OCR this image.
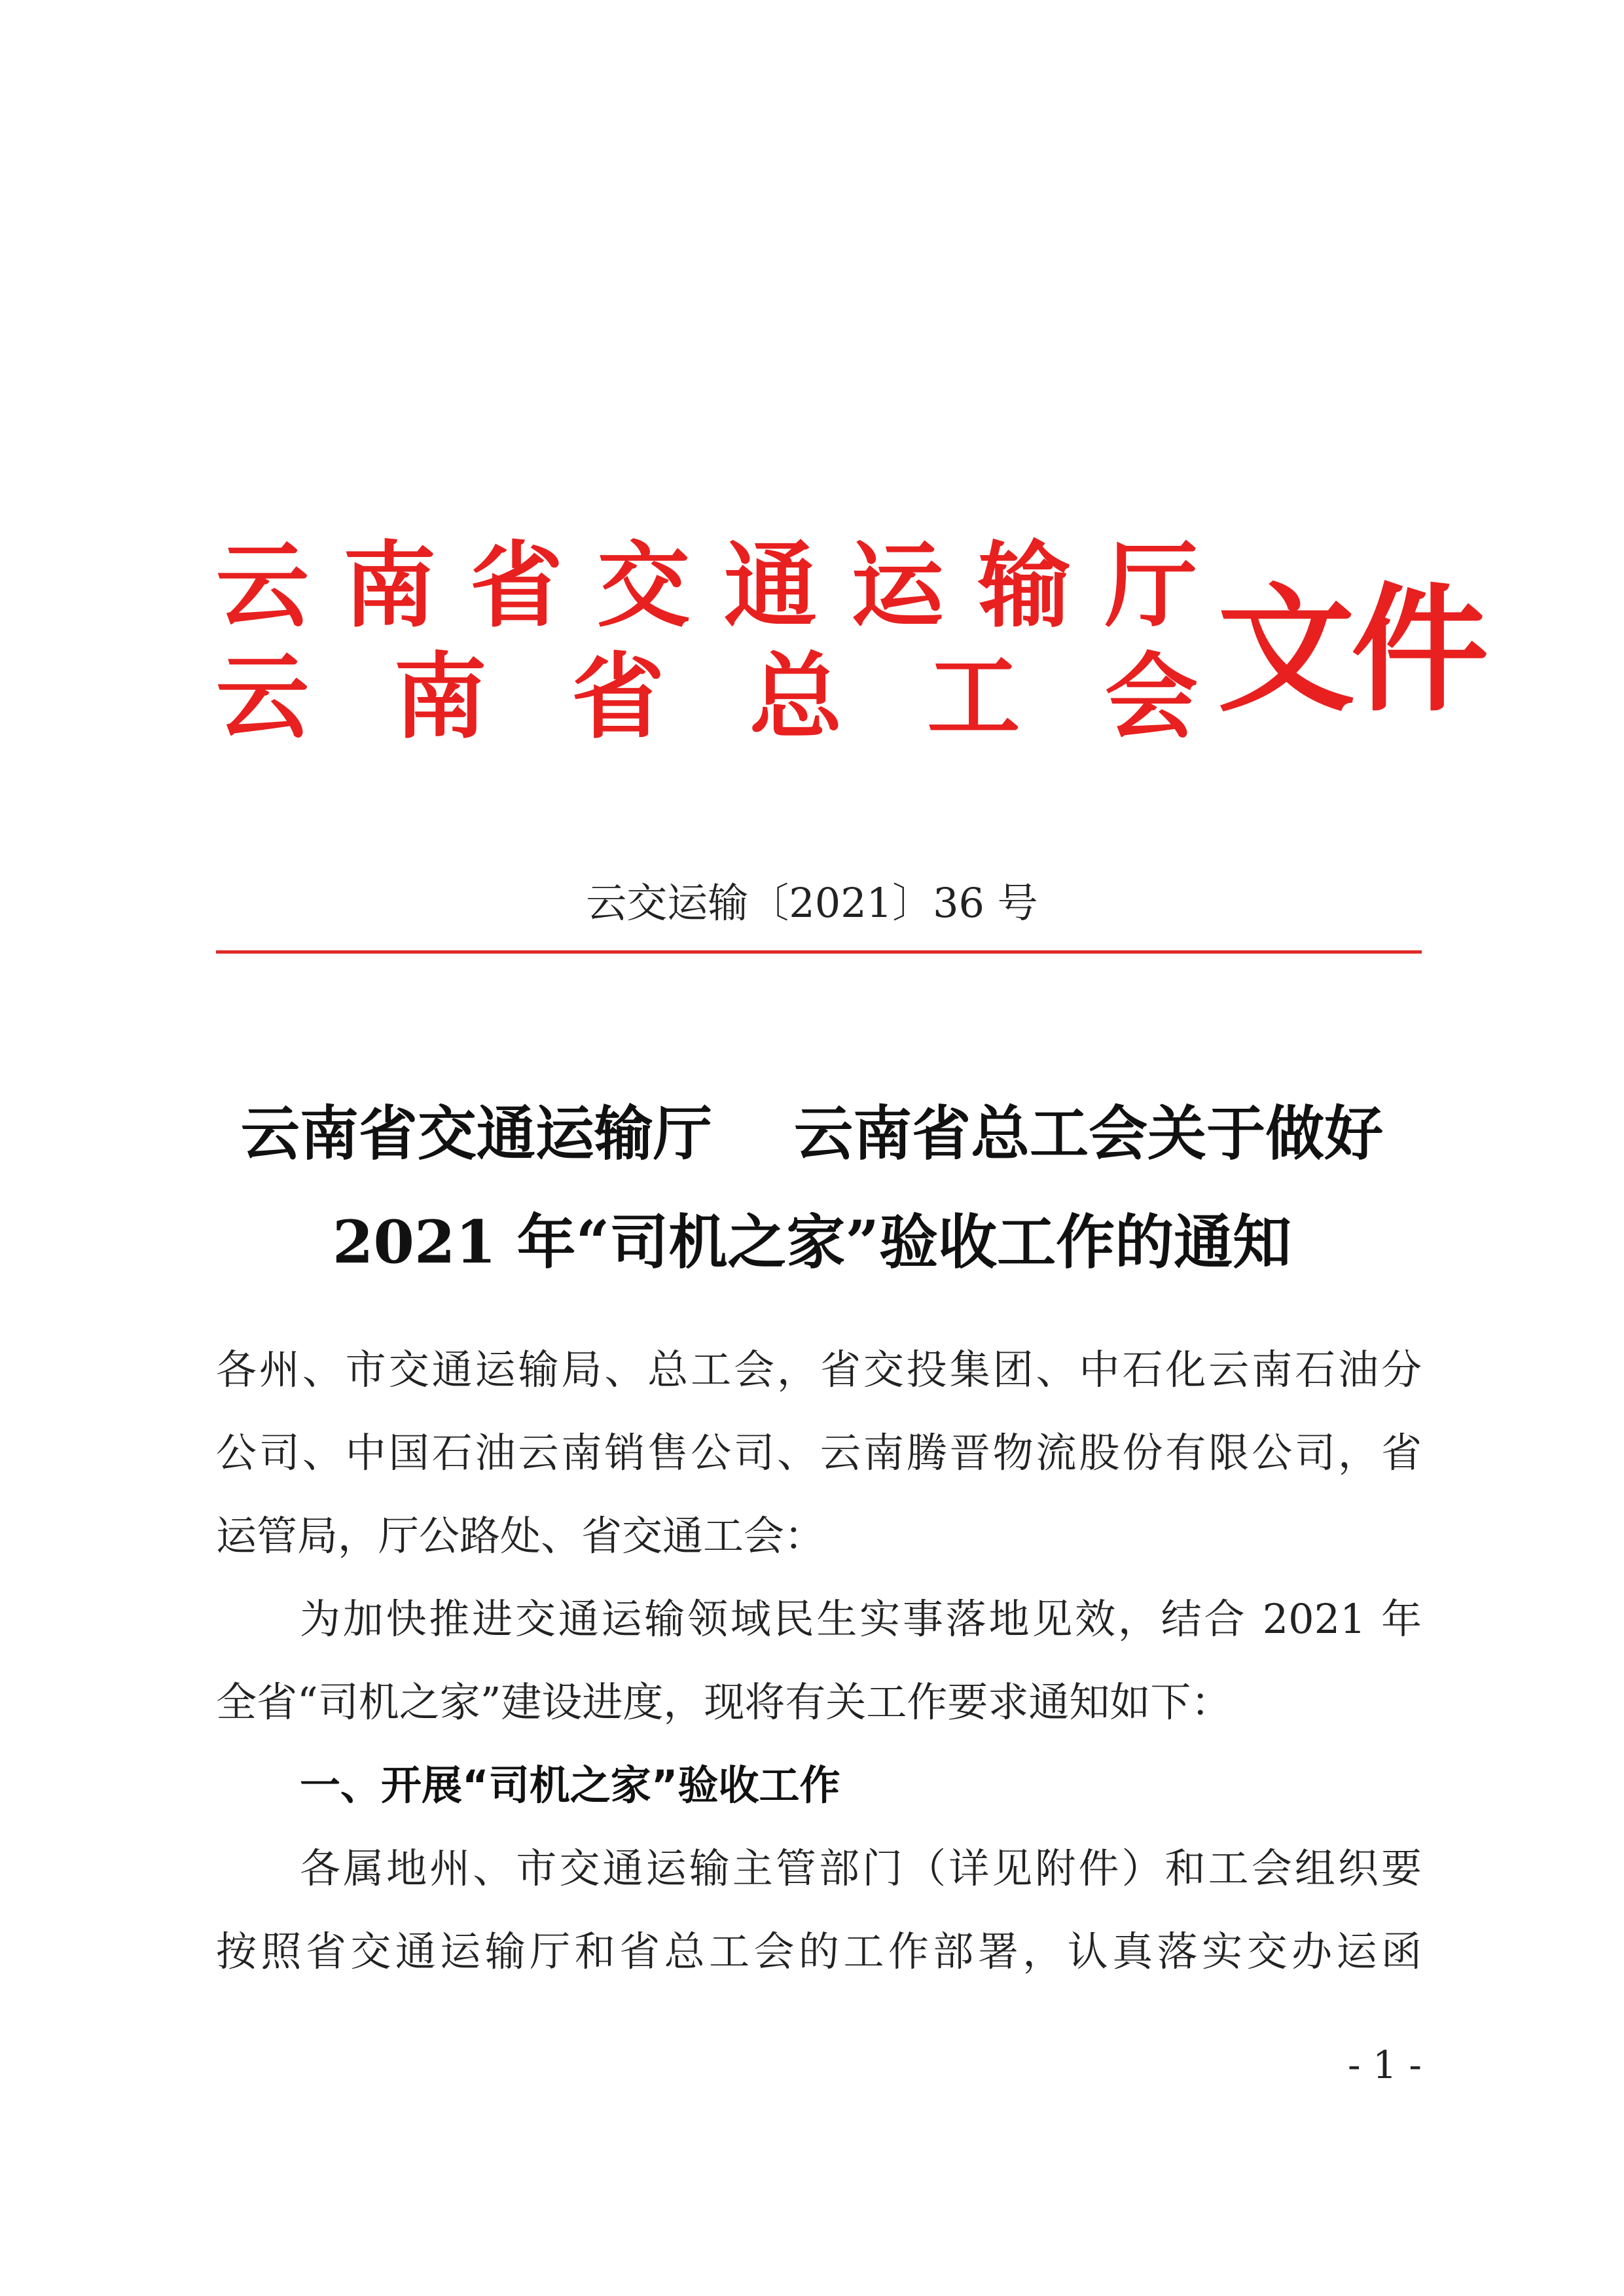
云 南 省 交 通 运 输 厅
云 南 省 总 工 会 文件
云交运输〔2021〕36 号
云南省交通运输厅    云南省总工会关于做好
2021 年“司机之家”验收工作的通知
各州、市交通运输局、总工会，省交投集团、中石化云南石油分
公司、中国石油云南销售公司、云南腾晋物流股份有限公司，省
运管局，厅公路处、省交通工会：
为加快推进交通运输领域民生实事落地见效，结合 2021 年
全省“司机之家”建设进度，现将有关工作要求通知如下：
一、开展“司机之家”验收工作
各属地州、市交通运输主管部门（详见附件）和工会组织要
按照省交通运输厅和省总工会的工作部署，认真落实交办运函
- 1 -
